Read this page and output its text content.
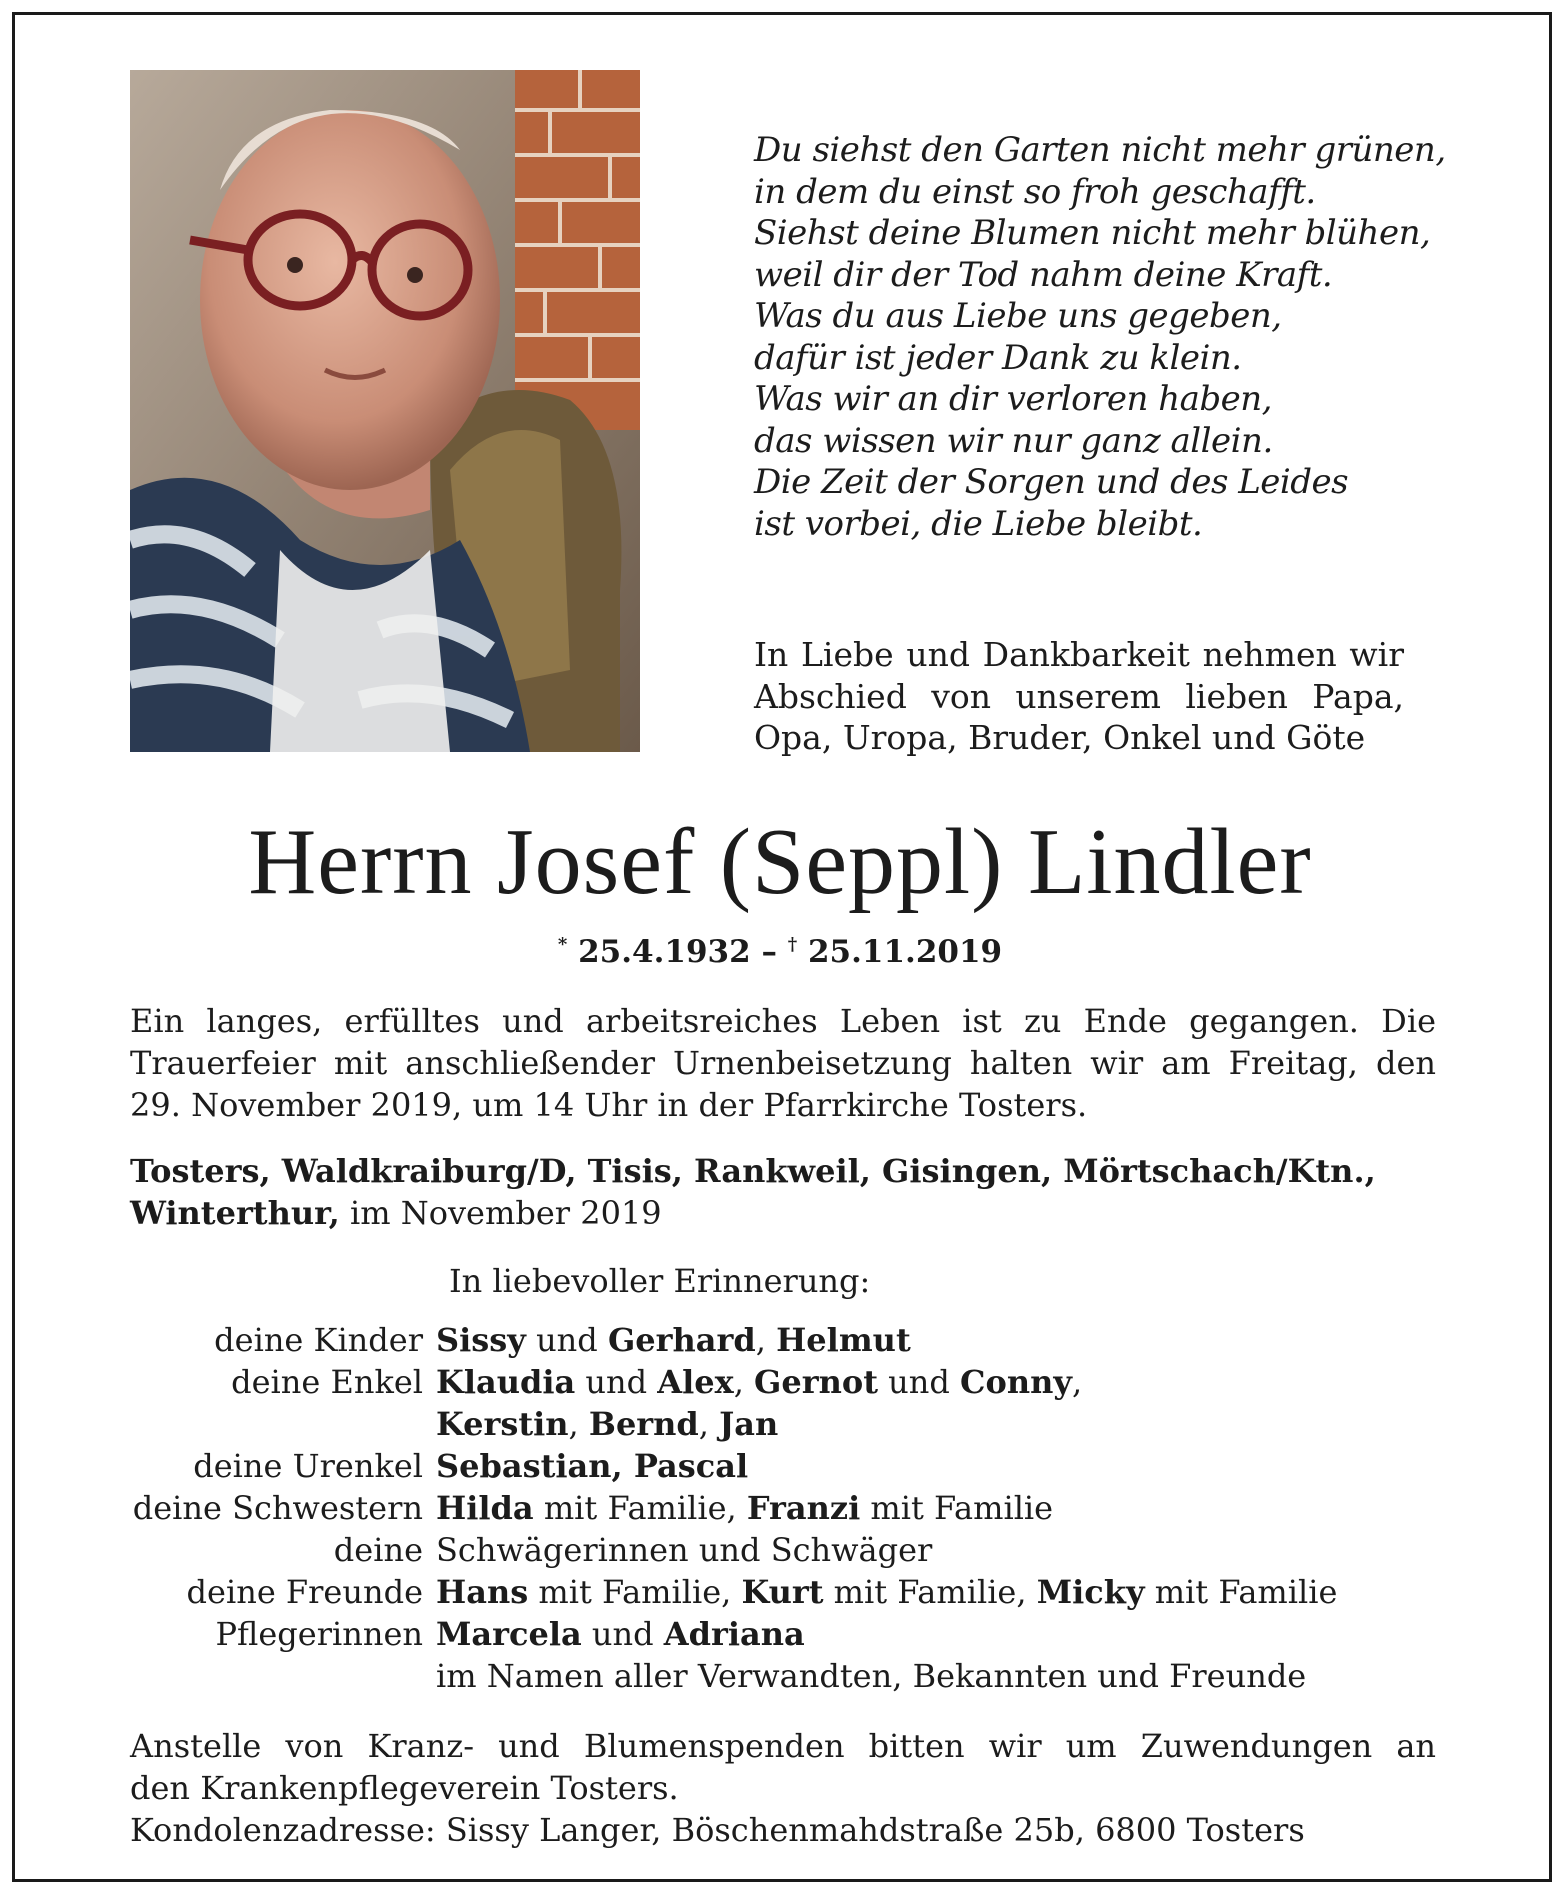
Du siehst den Garten nicht mehr grünen,
in dem du einst so froh geschafft.
Siehst deine Blumen nicht mehr blühen,
weil dir der Tod nahm deine Kraft.
Was du aus Liebe uns gegeben,
dafür ist jeder Dank zu klein.
Was wir an dir verloren haben,
das wissen wir nur ganz allein.
Die Zeit der Sorgen und des Leides
ist vorbei, die Liebe bleibt.
In Liebe und Dankbarkeit nehmen wir
Abschied von unserem lieben Papa,
Opa, Uropa, Bruder, Onkel und Göte
Herrn Josef (Seppl) Lindler
* 25.4.1932 – † 25.11.2019
Ein langes, erfülltes und arbeitsreiches Leben ist zu Ende gegangen. Die
Trauerfeier mit anschließender Urnenbeisetzung halten wir am Freitag, den
29. November 2019, um 14 Uhr in der Pfarrkirche Tosters.
Tosters, Waldkraiburg/D, Tisis, Rankweil, Gisingen, Mörtschach/Ktn.,
Winterthur, im November 2019
In liebevoller Erinnerung:
deine Kinder Sissy und Gerhard, Helmut
deine Enkel Klaudia und Alex, Gernot und Conny,
Kerstin, Bernd, Jan
deine Urenkel Sebastian, Pascal
deine Schwestern Hilda mit Familie, Franzi mit Familie
deine Schwägerinnen und Schwäger
deine Freunde Hans mit Familie, Kurt mit Familie, Micky mit Familie
Pflegerinnen Marcela und Adriana
im Namen aller Verwandten, Bekannten und Freunde
Anstelle von Kranz- und Blumenspenden bitten wir um Zuwendungen an
den Krankenpflegeverein Tosters.
Kondolenzadresse: Sissy Langer, Böschenmahdstraße 25b, 6800 Tosters
